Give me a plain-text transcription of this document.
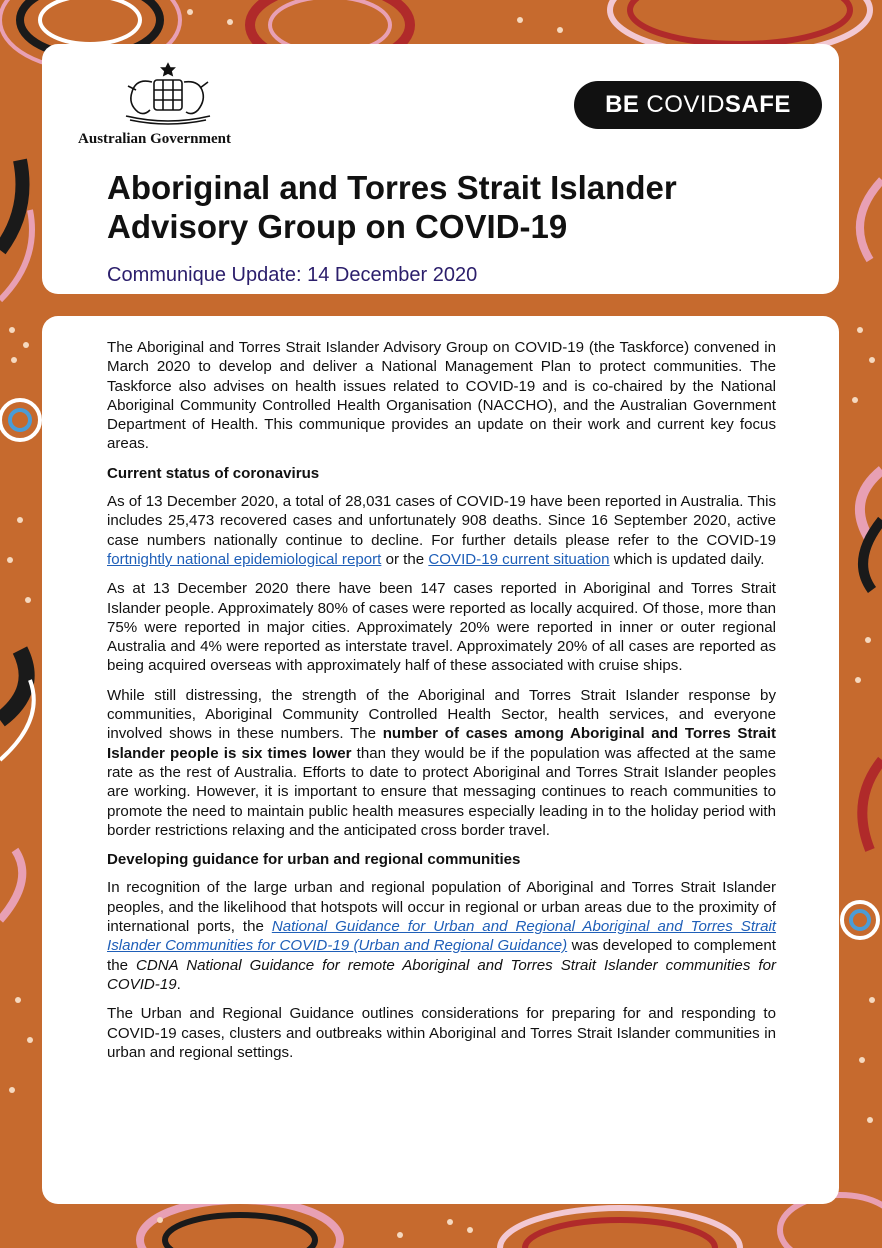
Australian Government
BE COVID SAFE
Aboriginal and Torres Strait Islander Advisory Group on COVID-19
Communique Update: 14 December 2020

The Aboriginal and Torres Strait Islander Advisory Group on COVID-19 (the Taskforce) convened in March 2020 to develop and deliver a National Management Plan to protect communities. The Taskforce also advises on health issues related to COVID-19 and is co-chaired by the National Aboriginal Community Controlled Health Organisation (NACCHO), and the Australian Government Department of Health. This communique provides an update on their work and current key focus areas.

Current status of coronavirus

As of 13 December 2020, a total of 28,031 cases of COVID-19 have been reported in Australia. This includes 25,473 recovered cases and unfortunately 908 deaths. Since 16 September 2020, active case numbers nationally continue to decline. For further details please refer to the COVID-19 fortnightly national epidemiological report or the COVID-19 current situation which is updated daily.

As at 13 December 2020 there have been 147 cases reported in Aboriginal and Torres Strait Islander people. Approximately 80% of cases were reported as locally acquired. Of those, more than 75% were reported in major cities. Approximately 20% were reported in inner or outer regional Australia and 4% were reported as interstate travel. Approximately 20% of all cases are reported as being acquired overseas with approximately half of these associated with cruise ships.

While still distressing, the strength of the Aboriginal and Torres Strait Islander response by communities, Aboriginal Community Controlled Health Sector, health services, and everyone involved shows in these numbers. The number of cases among Aboriginal and Torres Strait Islander people is six times lower than they would be if the population was affected at the same rate as the rest of Australia. Efforts to date to protect Aboriginal and Torres Strait Islander peoples are working. However, it is important to ensure that messaging continues to reach communities to promote the need to maintain public health measures especially leading in to the holiday period with border restrictions relaxing and the anticipated cross border travel.

Developing guidance for urban and regional communities

In recognition of the large urban and regional population of Aboriginal and Torres Strait Islander peoples, and the likelihood that hotspots will occur in regional or urban areas due to the proximity of international ports, the National Guidance for Urban and Regional Aboriginal and Torres Strait Islander Communities for COVID-19 (Urban and Regional Guidance) was developed to complement the CDNA National Guidance for remote Aboriginal and Torres Strait Islander communities for COVID-19.

The Urban and Regional Guidance outlines considerations for preparing for and responding to COVID-19 cases, clusters and outbreaks within Aboriginal and Torres Strait Islander communities in urban and regional settings.
